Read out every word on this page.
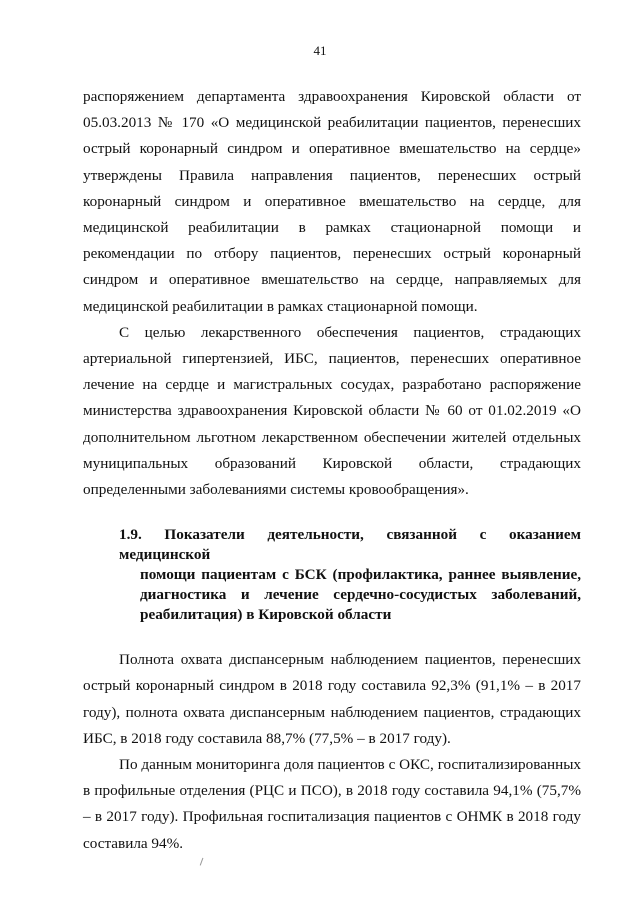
41

распоряжением департамента здравоохранения Кировской области от 05.03.2013 № 170 «О медицинской реабилитации пациентов, перенесших острый коронарный синдром и оперативное вмешательство на сердце» утверждены Правила направления пациентов, перенесших острый коронарный синдром и оперативное вмешательство на сердце, для медицинской реабилитации в рамках стационарной помощи и рекомендации по отбору пациентов, перенесших острый коронарный синдром и оперативное вмешательство на сердце, направляемых для медицинской реабилитации в рамках стационарной помощи.

С целью лекарственного обеспечения пациентов, страдающих артериальной гипертензией, ИБС, пациентов, перенесших оперативное лечение на сердце и магистральных сосудах, разработано распоряжение министерства здравоохранения Кировской области № 60 от 01.02.2019 «О дополнительном льготном лекарственном обеспечении жителей отдельных муниципальных образований Кировской области, страдающих определенными заболеваниями системы кровообращения».

1.9. Показатели деятельности, связанной с оказанием медицинской
помощи пациентам с БСК (профилактика, раннее выявление,
диагностика и лечение сердечно-сосудистых заболеваний,
реабилитация) в Кировской области

Полнота охвата диспансерным наблюдением пациентов, перенесших острый коронарный синдром в 2018 году составила 92,3% (91,1% – в 2017 году), полнота охвата диспансерным наблюдением пациентов, страдающих ИБС, в 2018 году составила 88,7% (77,5% – в 2017 году).

По данным мониторинга доля пациентов с ОКС, госпитализированных в профильные отделения (РЦС и ПСО), в 2018 году составила 94,1% (75,7% – в 2017 году). Профильная госпитализация пациентов с ОНМК в 2018 году составила 94%.
